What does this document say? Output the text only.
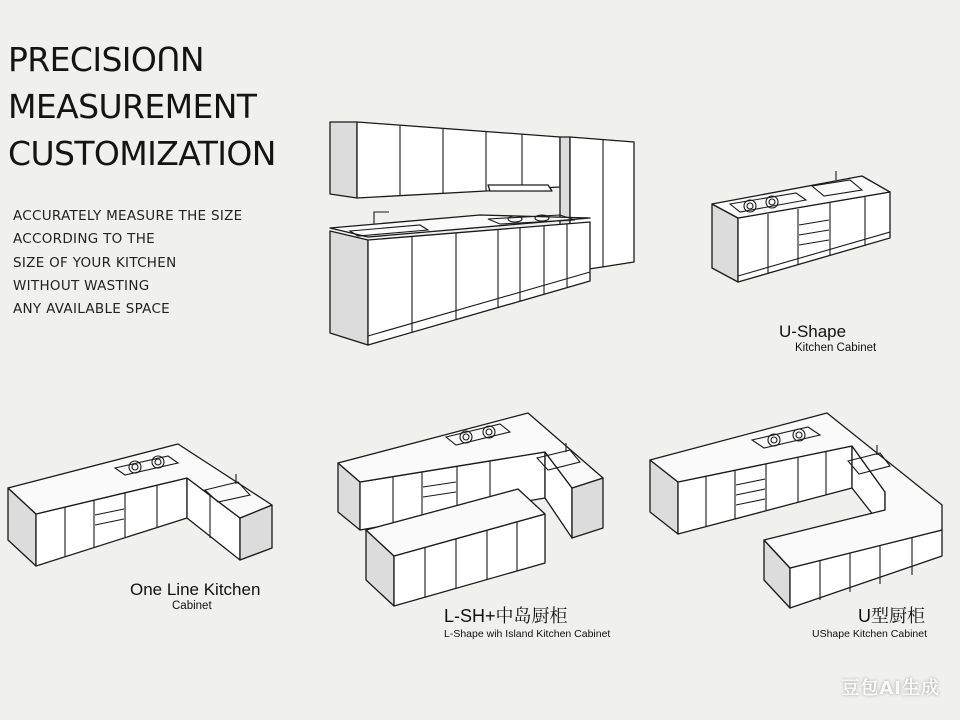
PRECISIOՈN
MEASUREMENT
CUSTOMIZATION
ACCURATELY MEASURE THE SIZE
ACCORDING TO THE
SIZE OF YOUR KITCHEN
WITHOUT WASTING
ANY AVAILABLE SPACE
U-Shape
Kitchen Cabinet
One Line Kitchen
Cabinet	L-SH+中岛厨柜
L-Shape wih Island Kitchen Cabinet
U型厨柜
UShape Kitchen Cabinet
豆包AI生成
